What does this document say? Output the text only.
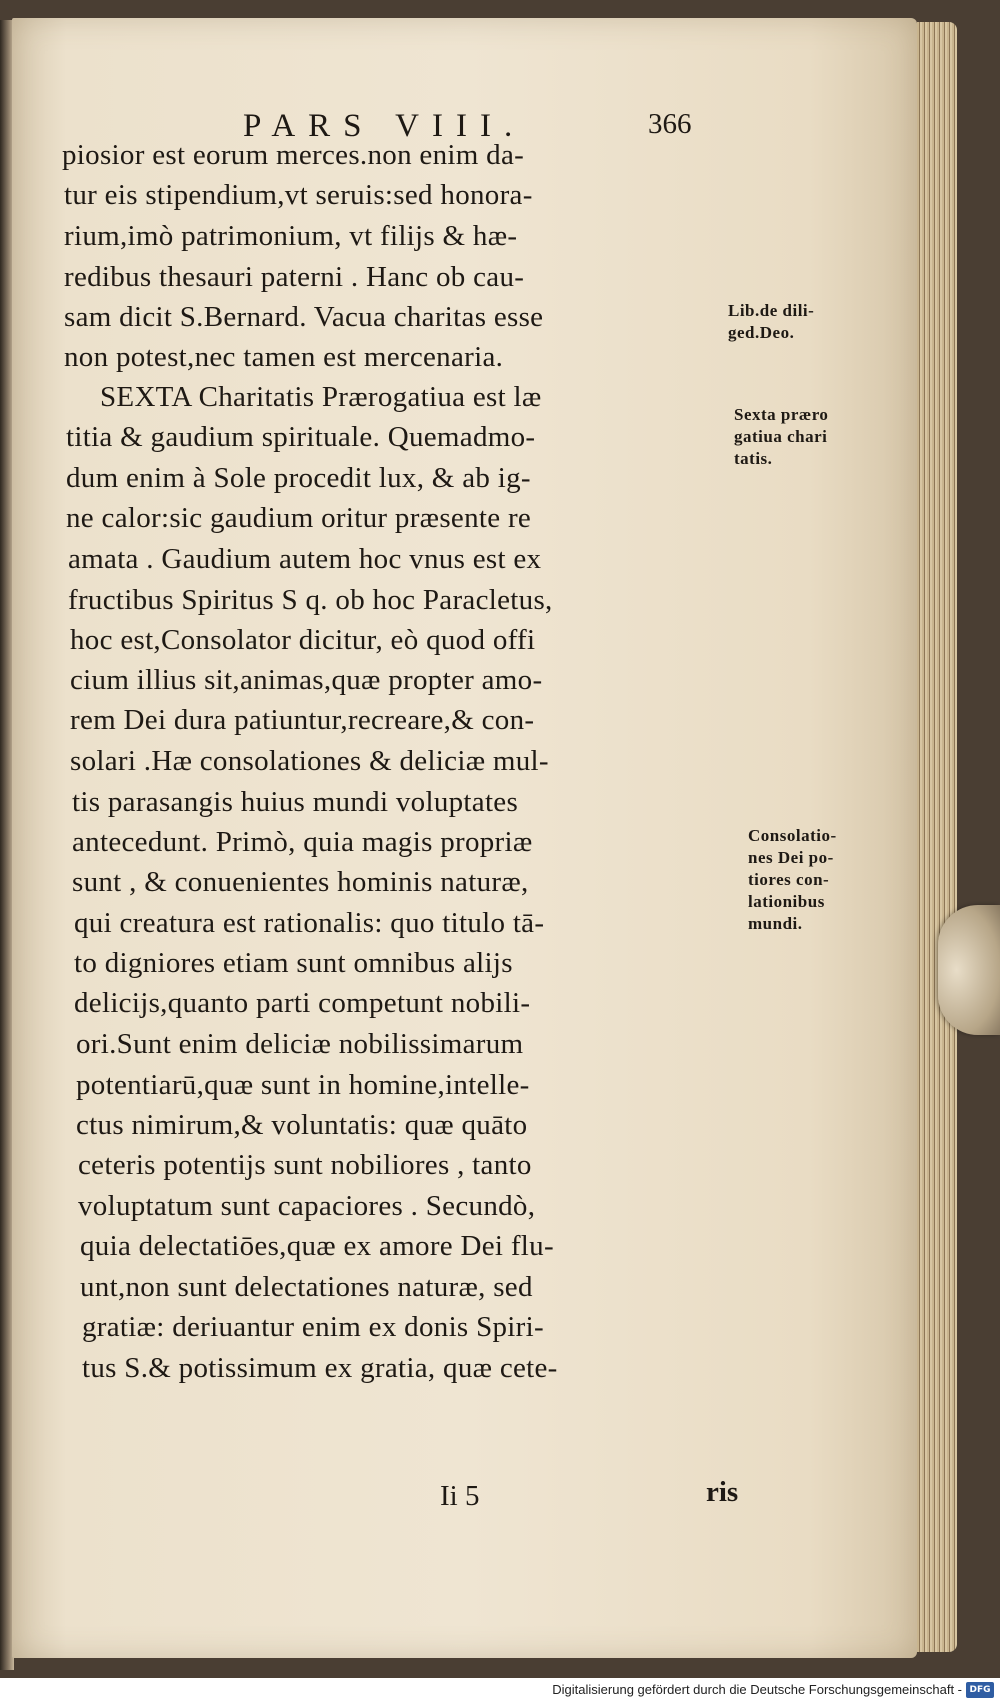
PARS VIII.	366

piosior est eorum merces.non enim da-

tur eis stipendium,vt seruis:sed honora-

rium,imò patrimonium, vt filijs & hæ-

redibus thesauri paterni . Hanc ob cau-

sam dicit S.Bernard. Vacua charitas esse

non potest,nec tamen est mercenaria.

SEXTA Charitatis Prærogatiua est læ

titia & gaudium spirituale. Quemadmo-

dum enim à Sole procedit lux, & ab ig-

ne calor:sic gaudium oritur præsente re

amata . Gaudium autem hoc vnus est ex

fructibus Spiritus S q. ob hoc Paracletus,

hoc est,Consolator dicitur, eò quod offi

cium illius sit,animas,quæ propter amo-

rem Dei dura patiuntur,recreare,& con-

solari .Hæ consolationes & deliciæ mul-

tis parasangis huius mundi voluptates

antecedunt. Primò, quia magis propriæ

sunt , & conuenientes hominis naturæ,

qui creatura est rationalis: quo titulo tā-

to digniores etiam sunt omnibus alijs

delicijs,quanto parti competunt nobili-

ori.Sunt enim deliciæ nobilissimarum

potentiarū,quæ sunt in homine,intelle-

ctus nimirum,& voluntatis: quæ quāto

ceteris potentijs sunt nobiliores , tanto

voluptatum sunt capaciores . Secundò,

quia delectatiōes,quæ ex amore Dei flu-

unt,non sunt delectationes naturæ, sed

gratiæ: deriuantur enim ex donis Spiri-

tus S.& potissimum ex gratia, quæ cete-

Lib.de dili-

ged.Deo.

Sexta præro

gatiua chari

tatis.

Consolatio-

nes Dei po-

tiores con-

lationibus

mundi.

Ii 5	ris

Digitalisierung gefördert durch die Deutsche Forschungsgemeinschaft - DFG
